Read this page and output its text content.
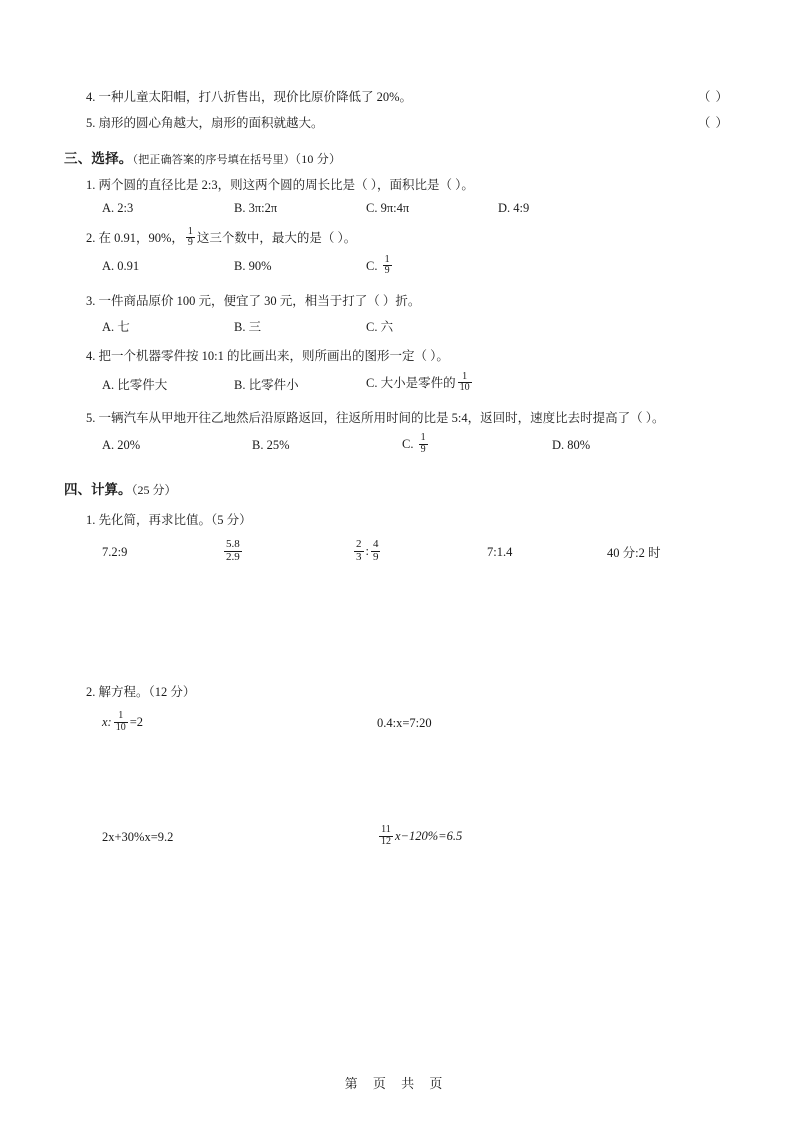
4. 一种儿童太阳帽，打八折售出，现价比原价降低了 20%。	（ ）
5. 扇形的圆心角越大，扇形的面积就越大。	（ ）
三、选择。（把正确答案的序号填在括号里）（10 分）
1. 两个圆的直径比是 2:3，则这两个圆的周长比是（ ），面积比是（ ）。
A. 2:3	B. 3π:2π	C. 9π:4π	D. 4:9
2. 在 0.91，90%， $\frac{1}{9}$ 这三个数中，最大的是（ ）。
A. 0.91	B. 90%	C. $\frac{1}{9}$
3. 一件商品原价 100 元，便宜了 30 元，相当于打了（ ）折。
A. 七	B. 三	C. 六
4. 把一个机器零件按 10:1 的比画出来，则所画出的图形一定（ ）。
A. 比零件大	B. 比零件小	C. 大小是零件的 $\frac{1}{10}$
5. 一辆汽车从甲地开往乙地然后沿原路返回，往返所用时间的比是 5:4，返回时，速度比去时提高了（ ）。
A. 20%	B. 25%	C. $\frac{1}{9}$	D. 80%
四、计算。（25 分）
1. 先化简，再求比值。（5 分）
7.2:9	$\frac{5.8}{2.9}$	$\frac{2}{3}$ : $\frac{4}{9}$	7:1.4	40 分:2 时
2. 解方程。（12 分）
x: $\frac{1}{10} =2$	0.4:x=7:20
2x+30%x=9.2	$\frac{11}{12} x-120\%=6.5$
第 页 共 页
